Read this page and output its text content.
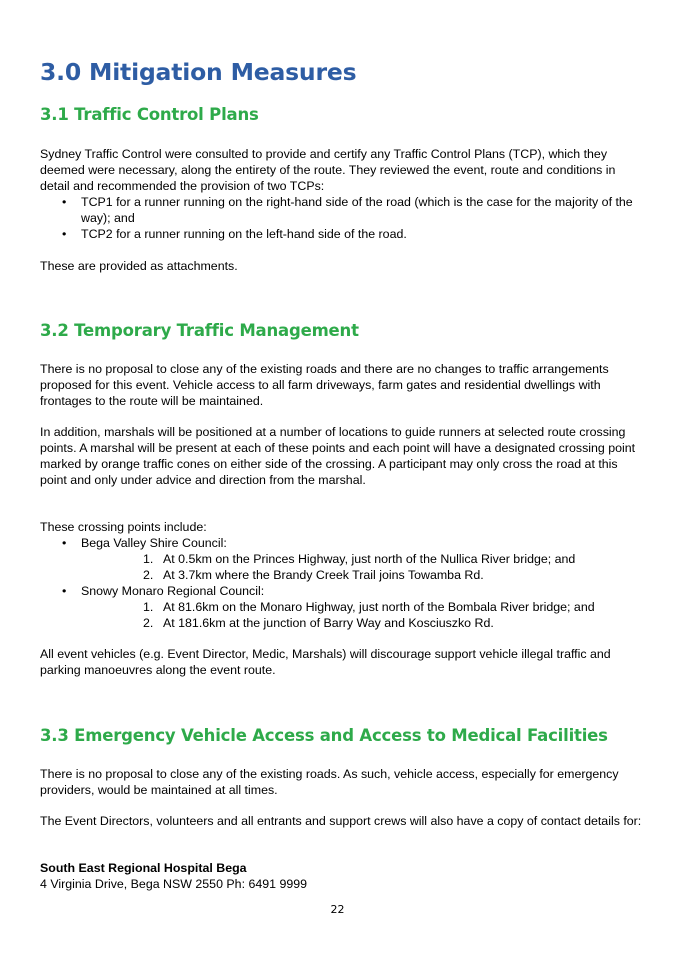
3.0 Mitigation Measures
3.1 Traffic Control Plans

Sydney Traffic Control were consulted to provide and certify any Traffic Control Plans (TCP), which they deemed were necessary, along the entirety of the route. They reviewed the event, route and conditions in detail and recommended the provision of two TCPs:

• TCP1 for a runner running on the right-hand side of the road (which is the case for the majority of the way); and
• TCP2 for a runner running on the left-hand side of the road.

These are provided as attachments.

3.2 Temporary Traffic Management

There is no proposal to close any of the existing roads and there are no changes to traffic arrangements proposed for this event. Vehicle access to all farm driveways, farm gates and residential dwellings with frontages to the route will be maintained.

In addition, marshals will be positioned at a number of locations to guide runners at selected route crossing points. A marshal will be present at each of these points and each point will have a designated crossing point marked by orange traffic cones on either side of the crossing. A participant may only cross the road at this point and only under advice and direction from the marshal.

These crossing points include:

• Bega Valley Shire Council:
1. At 0.5km on the Princes Highway, just north of the Nullica River bridge; and
2. At 3.7km where the Brandy Creek Trail joins Towamba Rd.
• Snowy Monaro Regional Council:
1. At 81.6km on the Monaro Highway, just north of the Bombala River bridge; and
2. At 181.6km at the junction of Barry Way and Kosciuszko Rd.

All event vehicles (e.g. Event Director, Medic, Marshals) will discourage support vehicle illegal traffic and parking manoeuvres along the event route.

3.3 Emergency Vehicle Access and Access to Medical Facilities

There is no proposal to close any of the existing roads. As such, vehicle access, especially for emergency providers, would be maintained at all times.

The Event Directors, volunteers and all entrants and support crews will also have a copy of contact details for:

South East Regional Hospital Bega
4 Virginia Drive, Bega NSW 2550 Ph: 6491 9999
22
